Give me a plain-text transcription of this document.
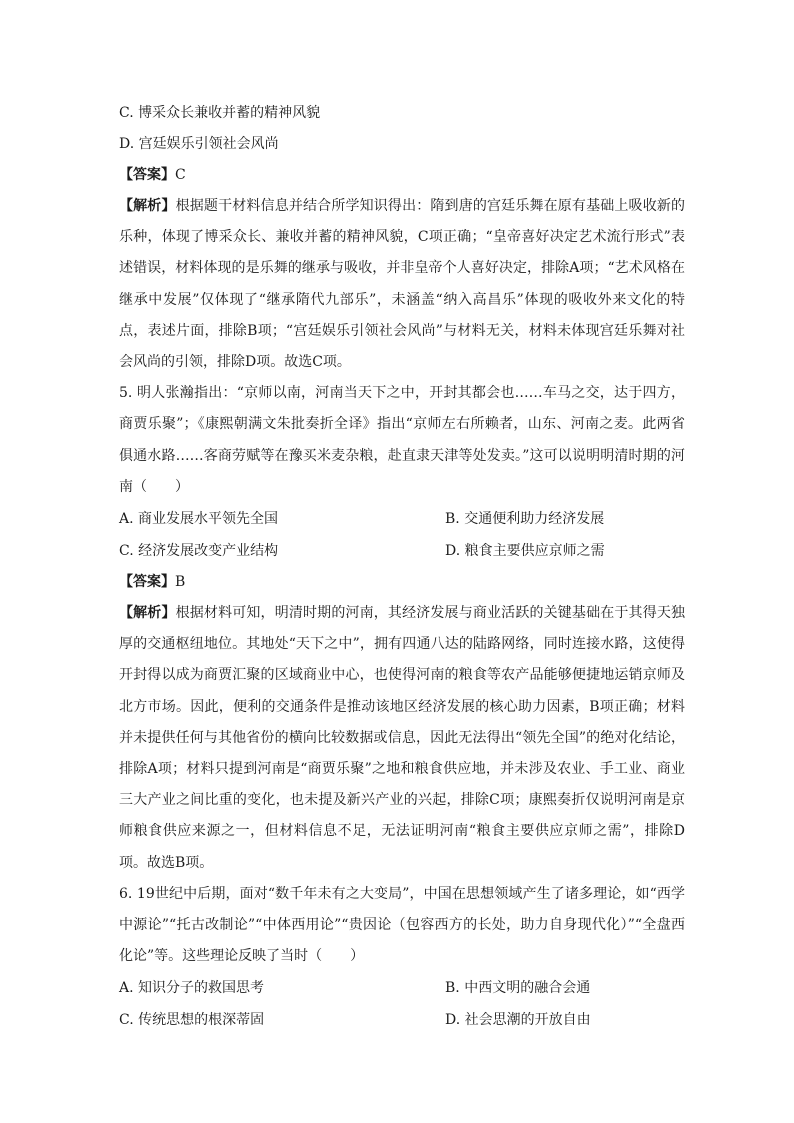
C. 博采众长兼收并蓄的精神风貌
D. 宫廷娱乐引领社会风尚
【答案】C
【解析】根据题干材料信息并结合所学知识得出：隋到唐的宫廷乐舞在原有基础上吸收新的乐种，体现了博采众长、兼收并蓄的精神风貌，C项正确；“皇帝喜好决定艺术流行形式”表述错误，材料体现的是乐舞的继承与吸收，并非皇帝个人喜好决定，排除A项；“艺术风格在继承中发展”仅体现了“继承隋代九部乐”，未涵盖“纳入高昌乐”体现的吸收外来文化的特点，表述片面，排除B项；“宫廷娱乐引领社会风尚”与材料无关，材料未体现宫廷乐舞对社会风尚的引领，排除D项。故选C项。
5. 明人张瀚指出：“京师以南，河南当天下之中，开封其都会也……车马之交，达于四方，商贾乐聚”；《康熙朝满文朱批奏折全译》指出“京师左右所赖者，山东、河南之麦。此两省俱通水路……客商劳赋等在豫买米麦杂粮，赴直隶天津等处发卖。”这可以说明明清时期的河南（　　）
A. 商业发展水平领先全国	B. 交通便利助力经济发展
C. 经济发展改变产业结构	D. 粮食主要供应京师之需
【答案】B
【解析】根据材料可知，明清时期的河南，其经济发展与商业活跃的关键基础在于其得天独厚的交通枢纽地位。其地处“天下之中”，拥有四通八达的陆路网络，同时连接水路，这使得开封得以成为商贾汇聚的区域商业中心，也使得河南的粮食等农产品能够便捷地运销京师及北方市场。因此，便利的交通条件是推动该地区经济发展的核心助力因素，B项正确；材料并未提供任何与其他省份的横向比较数据或信息，因此无法得出“领先全国”的绝对化结论，排除A项；材料只提到河南是“商贾乐聚”之地和粮食供应地，并未涉及农业、手工业、商业三大产业之间比重的变化，也未提及新兴产业的兴起，排除C项；康熙奏折仅说明河南是京师粮食供应来源之一，但材料信息不足，无法证明河南“粮食主要供应京师之需”，排除D项。故选B项。
6. 19世纪中后期，面对“数千年未有之大变局”，中国在思想领域产生了诸多理论，如“西学中源论”“托古改制论”“中体西用论”“贵因论（包容西方的长处，助力自身现代化）”“全盘西化论”等。这些理论反映了当时（　　）
A. 知识分子的救国思考	B. 中西文明的融合会通
C. 传统思想的根深蒂固	D. 社会思潮的开放自由
